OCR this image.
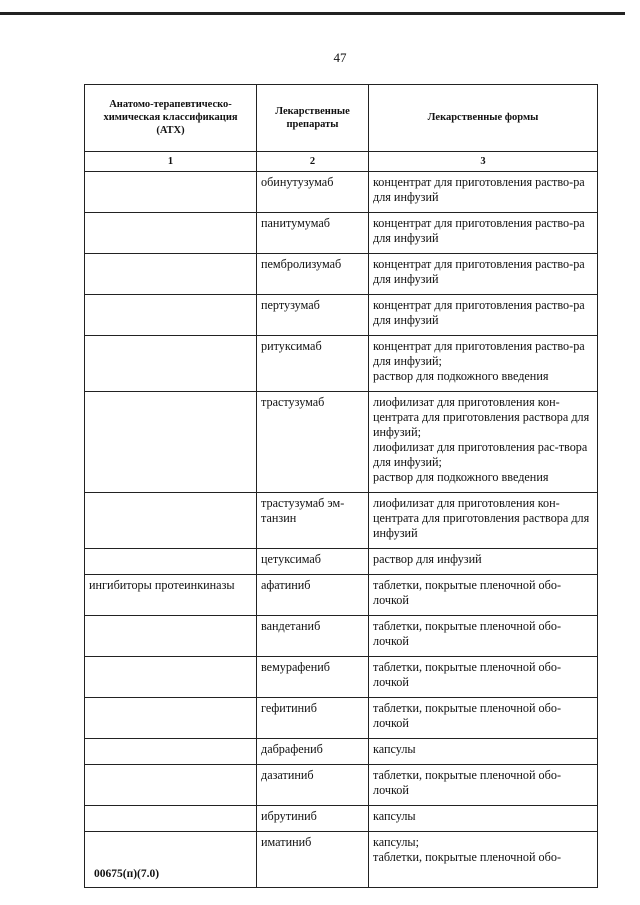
47
Анатомо-терапевтическо-химическая классификация (АТХ)	Лекарственные препараты	Лекарственные формы
1	2	3
	обинутузумаб	концентрат для приготовления раство-ра для инфузий

	панитумумаб	концентрат для приготовления раство-ра для инфузий

	пембролизумаб	концентрат для приготовления раство-ра для инфузий

	пертузумаб	концентрат для приготовления раство-ра для инфузий

	ритуксимаб	концентрат для приготовления раство-ра для инфузий;
раствор для подкожного введения

	трастузумаб	лиофилизат для приготовления кон-центрата для приготовления раствора для инфузий;
лиофилизат для приготовления рас-твора для инфузий;
раствор для подкожного введения

	трастузумаб эм-танзин	лиофилизат для приготовления кон-центрата для приготовления раствора для инфузий

	цетуксимаб	раствор для инфузий

ингибиторы протеинкиназы	афатиниб	таблетки, покрытые пленочной обо-лочкой

	вандетаниб	таблетки, покрытые пленочной обо-лочкой

	вемурафениб	таблетки, покрытые пленочной обо-лочкой

	гефитиниб	таблетки, покрытые пленочной обо-лочкой

	дабрафениб	капсулы

	дазатиниб	таблетки, покрытые пленочной обо-лочкой

	ибрутиниб	капсулы

	иматиниб	капсулы;
таблетки, покрытые пленочной обо-
00675(п)(7.0)
